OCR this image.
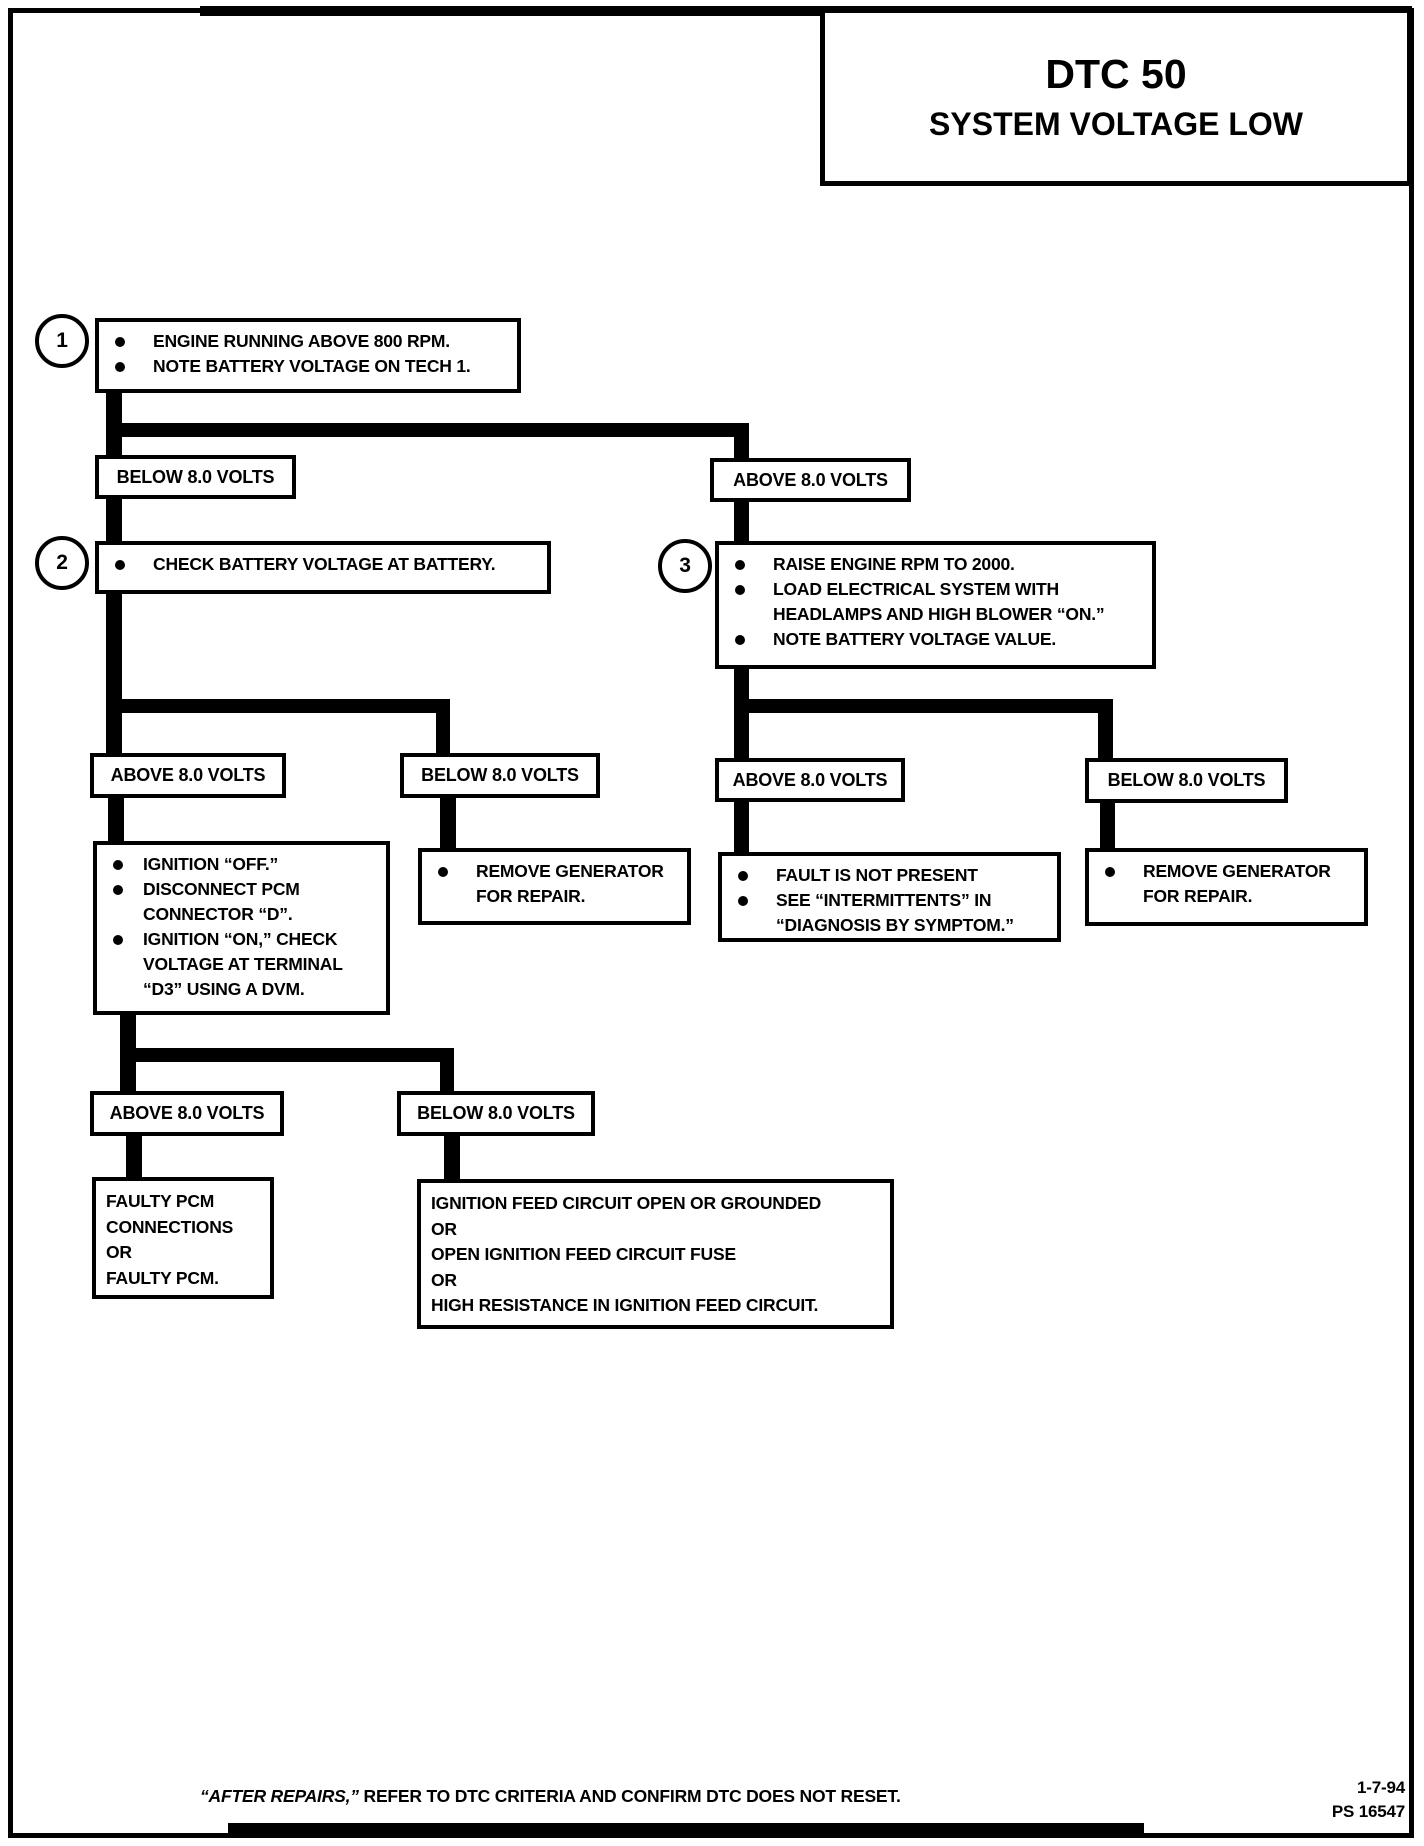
DTC 50
SYSTEM VOLTAGE LOW
1	ENGINE RUNNING ABOVE 800 RPM.
NOTE BATTERY VOLTAGE ON TECH 1.
BELOW 8.0 VOLTS	ABOVE 8.0 VOLTS
2	CHECK BATTERY VOLTAGE AT BATTERY.	3	RAISE ENGINE RPM TO 2000.
LOAD ELECTRICAL SYSTEM WITH
HEADLAMPS AND HIGH BLOWER “ON.”
NOTE BATTERY VOLTAGE VALUE.
ABOVE 8.0 VOLTS	BELOW 8.0 VOLTS	ABOVE 8.0 VOLTS	BELOW 8.0 VOLTS
IGNITION “OFF.”
DISCONNECT PCM
CONNECTOR “D”.
IGNITION “ON,” CHECK
VOLTAGE AT TERMINAL
“D3” USING A DVM.
REMOVE GENERATOR
FOR REPAIR.
FAULT IS NOT PRESENT
SEE “INTERMITTENTS” IN
“DIAGNOSIS BY SYMPTOM.”
REMOVE GENERATOR
FOR REPAIR.
ABOVE 8.0 VOLTS	BELOW 8.0 VOLTS
FAULTY PCM
CONNECTIONS
OR
FAULTY PCM.
IGNITION FEED CIRCUIT OPEN OR GROUNDED
OR
OPEN IGNITION FEED CIRCUIT FUSE
OR
HIGH RESISTANCE IN IGNITION FEED CIRCUIT.
“AFTER REPAIRS,” REFER TO DTC CRITERIA AND CONFIRM DTC DOES NOT RESET.	1-7-94
PS 16547
